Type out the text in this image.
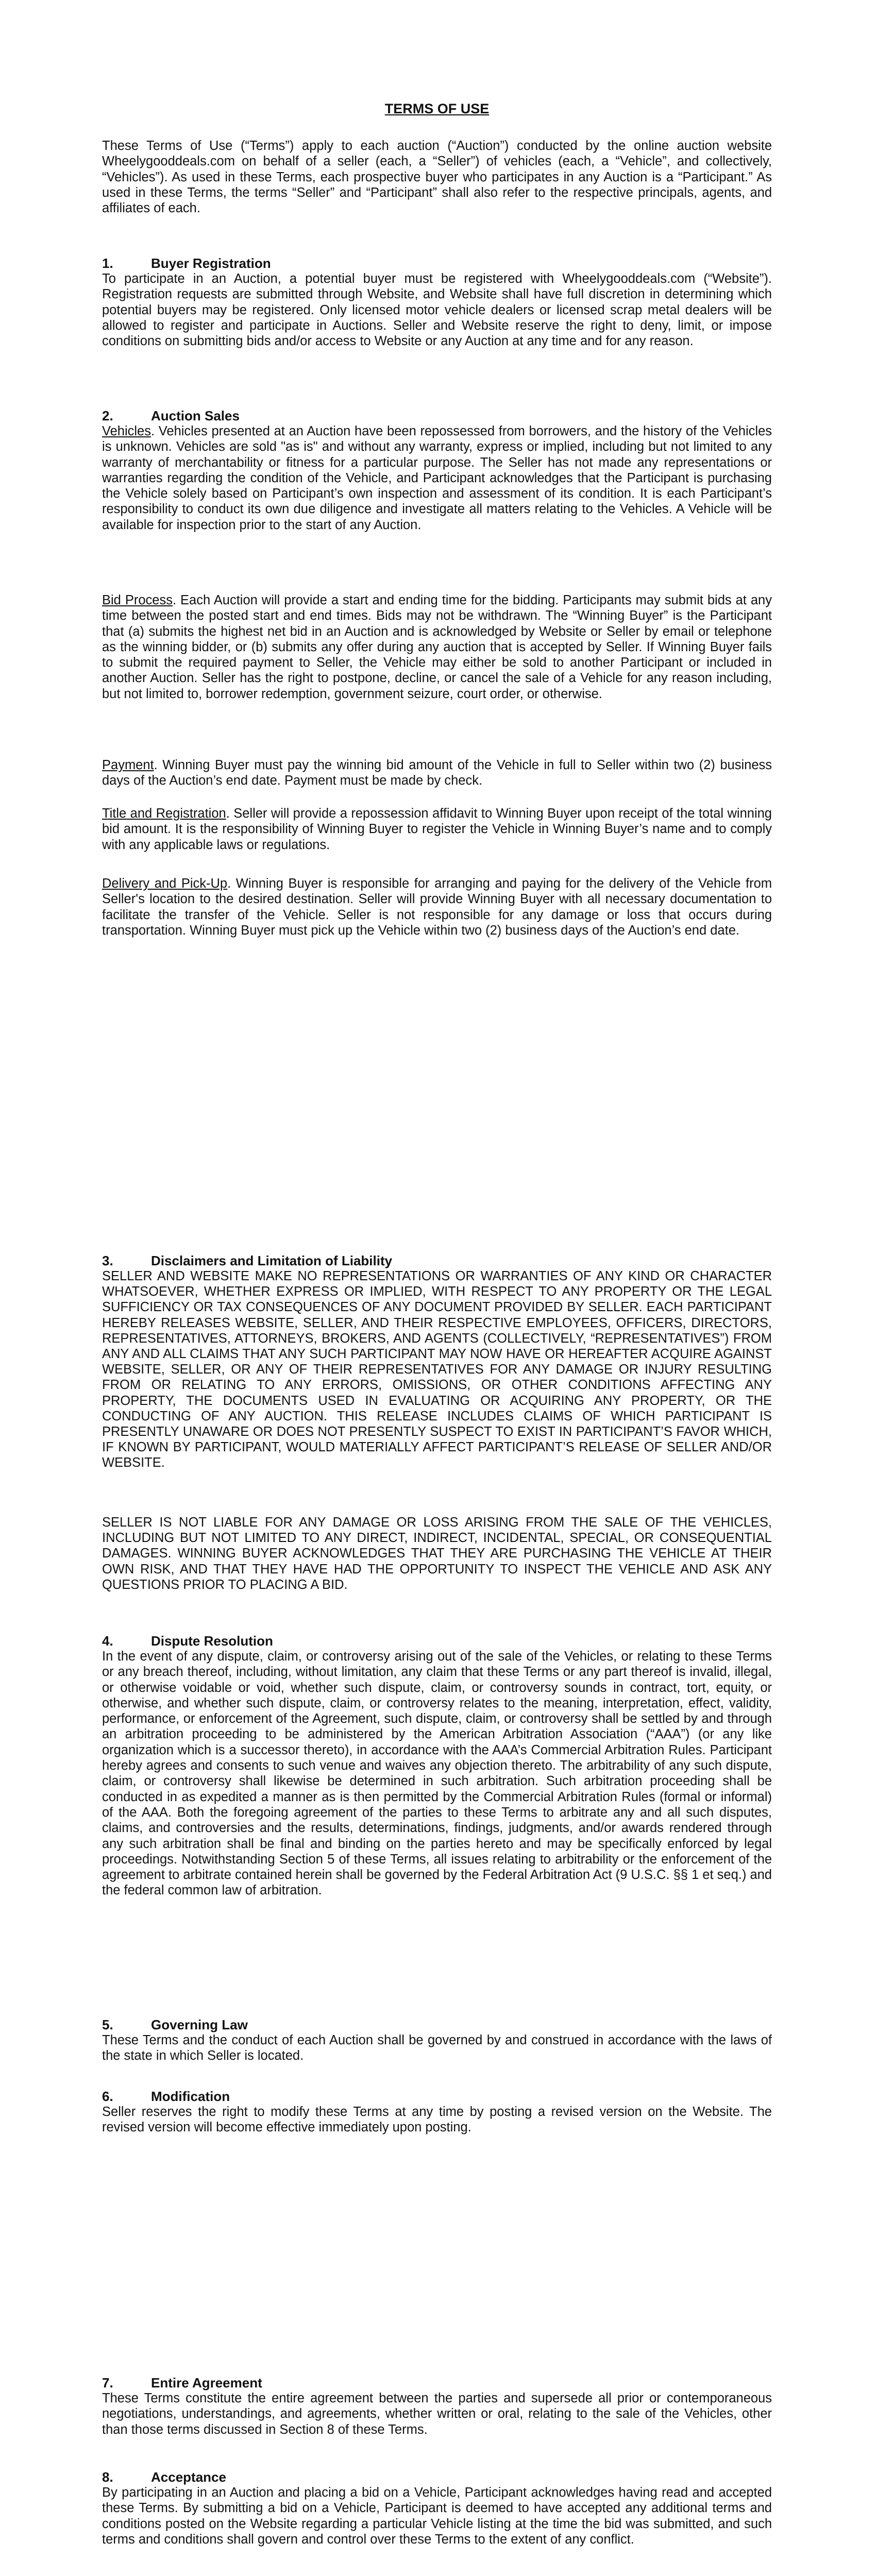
TERMS OF USE

These Terms of Use (“Terms”) apply to each auction (“Auction”) conducted by the online auction website Wheelygooddeals.com on behalf of a seller (each, a “Seller”) of vehicles (each, a “Vehicle”, and collectively, “Vehicles”). As used in these Terms, each prospective buyer who participates in any Auction is a “Participant.” As used in these Terms, the terms “Seller” and “Participant” shall also refer to the respective principals, agents, and affiliates of each.

1.	Buyer Registration

To participate in an Auction, a potential buyer must be registered with Wheelygooddeals.com (“Website”). Registration requests are submitted through Website, and Website shall have full discretion in determining which potential buyers may be registered. Only licensed motor vehicle dealers or licensed scrap metal dealers will be allowed to register and participate in Auctions. Seller and Website reserve the right to deny, limit, or impose conditions on submitting bids and/or access to Website or any Auction at any time and for any reason.

2.	Auction Sales

Vehicles. Vehicles presented at an Auction have been repossessed from borrowers, and the history of the Vehicles is unknown. Vehicles are sold "as is" and without any warranty, express or implied, including but not limited to any warranty of merchantability or fitness for a particular purpose. The Seller has not made any representations or warranties regarding the condition of the Vehicle, and Participant acknowledges that the Participant is purchasing the Vehicle solely based on Participant’s own inspection and assessment of its condition. It is each Participant’s responsibility to conduct its own due diligence and investigate all matters relating to the Vehicles. A Vehicle will be available for inspection prior to the start of any Auction.

Bid Process. Each Auction will provide a start and ending time for the bidding. Participants may submit bids at any time between the posted start and end times. Bids may not be withdrawn. The “Winning Buyer” is the Participant that (a) submits the highest net bid in an Auction and is acknowledged by Website or Seller by email or telephone as the winning bidder, or (b) submits any offer during any auction that is accepted by Seller. If Winning Buyer fails to submit the required payment to Seller, the Vehicle may either be sold to another Participant or included in another Auction. Seller has the right to postpone, decline, or cancel the sale of a Vehicle for any reason including, but not limited to, borrower redemption, government seizure, court order, or otherwise.

Payment. Winning Buyer must pay the winning bid amount of the Vehicle in full to Seller within two (2) business days of the Auction’s end date. Payment must be made by check.

Title and Registration. Seller will provide a repossession affidavit to Winning Buyer upon receipt of the total winning bid amount. It is the responsibility of Winning Buyer to register the Vehicle in Winning Buyer’s name and to comply with any applicable laws or regulations.

Delivery and Pick-Up. Winning Buyer is responsible for arranging and paying for the delivery of the Vehicle from Seller's location to the desired destination. Seller will provide Winning Buyer with all necessary documentation to facilitate the transfer of the Vehicle. Seller is not responsible for any damage or loss that occurs during transportation. Winning Buyer must pick up the Vehicle within two (2) business days of the Auction’s end date.

3.	Disclaimers and Limitation of Liability

SELLER AND WEBSITE MAKE NO REPRESENTATIONS OR WARRANTIES OF ANY KIND OR CHARACTER WHATSOEVER, WHETHER EXPRESS OR IMPLIED, WITH RESPECT TO ANY PROPERTY OR THE LEGAL SUFFICIENCY OR TAX CONSEQUENCES OF ANY DOCUMENT PROVIDED BY SELLER. EACH PARTICIPANT HEREBY RELEASES WEBSITE, SELLER, AND THEIR RESPECTIVE EMPLOYEES, OFFICERS, DIRECTORS, REPRESENTATIVES, ATTORNEYS, BROKERS, AND AGENTS (COLLECTIVELY, “REPRESENTATIVES”) FROM ANY AND ALL CLAIMS THAT ANY SUCH PARTICIPANT MAY NOW HAVE OR HEREAFTER ACQUIRE AGAINST WEBSITE, SELLER, OR ANY OF THEIR REPRESENTATIVES FOR ANY DAMAGE OR INJURY RESULTING FROM OR RELATING TO ANY ERRORS, OMISSIONS, OR OTHER CONDITIONS AFFECTING ANY PROPERTY, THE DOCUMENTS USED IN EVALUATING OR ACQUIRING ANY PROPERTY, OR THE CONDUCTING OF ANY AUCTION. THIS RELEASE INCLUDES CLAIMS OF WHICH PARTICIPANT IS PRESENTLY UNAWARE OR DOES NOT PRESENTLY SUSPECT TO EXIST IN PARTICIPANT’S FAVOR WHICH, IF KNOWN BY PARTICIPANT, WOULD MATERIALLY AFFECT PARTICIPANT’S RELEASE OF SELLER AND/OR WEBSITE.

SELLER IS NOT LIABLE FOR ANY DAMAGE OR LOSS ARISING FROM THE SALE OF THE VEHICLES, INCLUDING BUT NOT LIMITED TO ANY DIRECT, INDIRECT, INCIDENTAL, SPECIAL, OR CONSEQUENTIAL DAMAGES. WINNING BUYER ACKNOWLEDGES THAT THEY ARE PURCHASING THE VEHICLE AT THEIR OWN RISK, AND THAT THEY HAVE HAD THE OPPORTUNITY TO INSPECT THE VEHICLE AND ASK ANY QUESTIONS PRIOR TO PLACING A BID.

4.	Dispute Resolution

In the event of any dispute, claim, or controversy arising out of the sale of the Vehicles, or relating to these Terms or any breach thereof, including, without limitation, any claim that these Terms or any part thereof is invalid, illegal, or otherwise voidable or void, whether such dispute, claim, or controversy sounds in contract, tort, equity, or otherwise, and whether such dispute, claim, or controversy relates to the meaning, interpretation, effect, validity, performance, or enforcement of the Agreement, such dispute, claim, or controversy shall be settled by and through an arbitration proceeding to be administered by the American Arbitration Association (“AAA”) (or any like organization which is a successor thereto), in accordance with the AAA’s Commercial Arbitration Rules. Participant hereby agrees and consents to such venue and waives any objection thereto. The arbitrability of any such dispute, claim, or controversy shall likewise be determined in such arbitration. Such arbitration proceeding shall be conducted in as expedited a manner as is then permitted by the Commercial Arbitration Rules (formal or informal) of the AAA. Both the foregoing agreement of the parties to these Terms to arbitrate any and all such disputes, claims, and controversies and the results, determinations, findings, judgments, and/or awards rendered through any such arbitration shall be final and binding on the parties hereto and may be specifically enforced by legal proceedings. Notwithstanding Section 5 of these Terms, all issues relating to arbitrability or the enforcement of the agreement to arbitrate contained herein shall be governed by the Federal Arbitration Act (9 U.S.C. §§ 1 et seq.) and the federal common law of arbitration.

5.	Governing Law

These Terms and the conduct of each Auction shall be governed by and construed in accordance with the laws of the state in which Seller is located.

6.	Modification

Seller reserves the right to modify these Terms at any time by posting a revised version on the Website. The revised version will become effective immediately upon posting.

7.	Entire Agreement

These Terms constitute the entire agreement between the parties and supersede all prior or contemporaneous negotiations, understandings, and agreements, whether written or oral, relating to the sale of the Vehicles, other than those terms discussed in Section 8 of these Terms.

8.	Acceptance

By participating in an Auction and placing a bid on a Vehicle, Participant acknowledges having read and accepted these Terms. By submitting a bid on a Vehicle, Participant is deemed to have accepted any additional terms and conditions posted on the Website regarding a particular Vehicle listing at the time the bid was submitted, and such terms and conditions shall govern and control over these Terms to the extent of any conflict.
